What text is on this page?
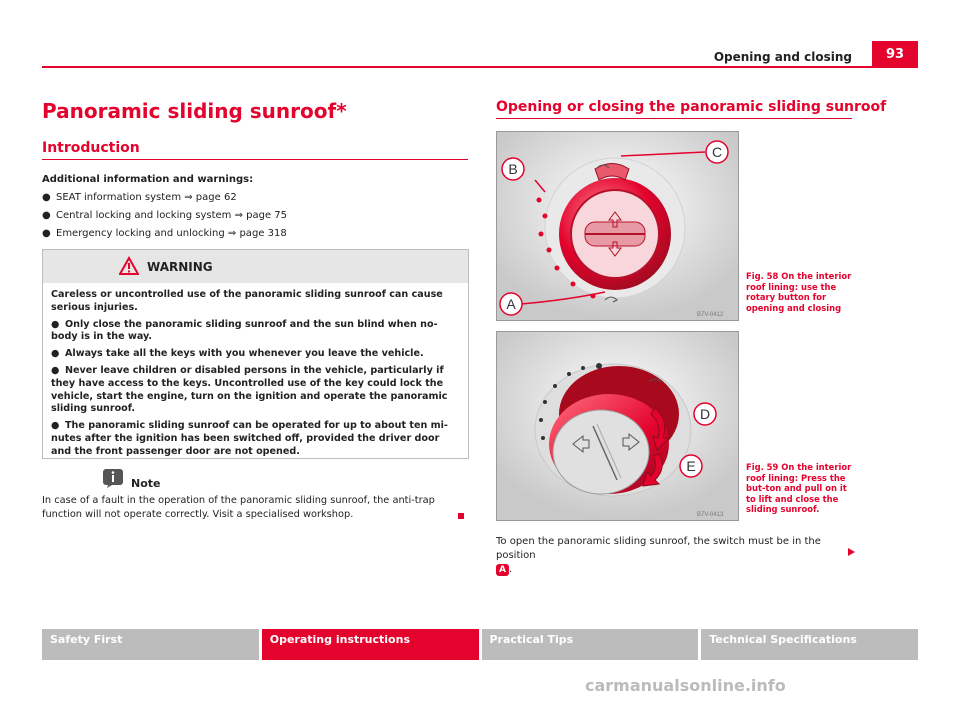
Opening and closing	93
Panoramic sliding sunroof*
Introduction
Additional information and warnings:
● SEAT information system ⇒ page 62
● Central locking and locking system ⇒ page 75
● Emergency locking and unlocking ⇒ page 318
WARNING

Careless or uncontrolled use of the panoramic sliding sunroof can cause serious injuries.

● Only close the panoramic sliding sunroof and the sun blind when no-body is in the way.

● Always take all the keys with you whenever you leave the vehicle.

● Never leave children or disabled persons in the vehicle, particularly if they have access to the keys. Uncontrolled use of the key could lock the vehicle, start the engine, turn on the ignition and operate the panoramic sliding sunroof.

● The panoramic sliding sunroof can be operated for up to about ten mi-nutes after the ignition has been switched off, provided the driver door and the front passenger door are not opened.

Note
In case of a fault in the operation of the panoramic sliding sunroof, the anti-trap function will not operate correctly. Visit a specialised workshop.
Opening or closing the panoramic sliding sunroof
B
C
A
B7V-0412
Fig. 58 On the interior roof lining: use the rotary button for opening and closing
D
E
B7V-0413
Fig. 59 On the interior roof lining: Press the but-ton and pull on it to lift and close the sliding sunroof.
To open the panoramic sliding sunroof, the switch must be in the position
A .
Safety First	Operating instructions	Practical Tips	Technical Specifications
carmanualsonline.info
